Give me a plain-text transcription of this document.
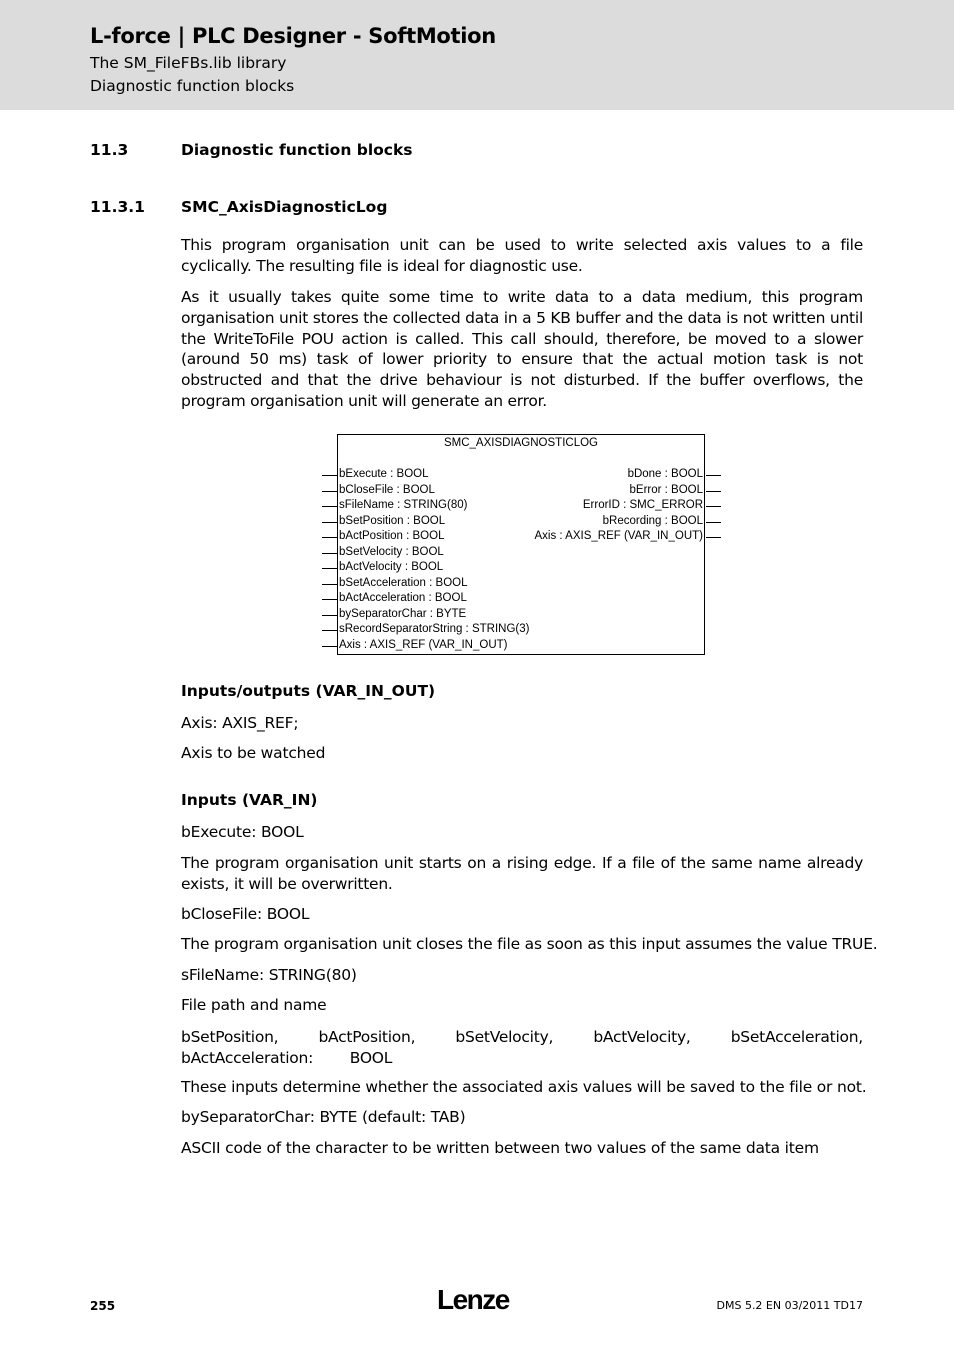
L-force | PLC Designer - SoftMotion
The SM_FileFBs.lib library
Diagnostic function blocks
11.3	Diagnostic function blocks
11.3.1 SMC_AxisDiagnosticLog
This program organisation unit can be used to write selected axis values to a file cyclically. The resulting file is ideal for diagnostic use.
As it usually takes quite some time to write data to a data medium, this program organisation unit stores the collected data in a 5 KB buffer and the data is not written until the WriteToFile POU action is called. This call should, therefore, be moved to a slower (around 50 ms) task of lower priority to ensure that the actual motion task is not obstructed and that the drive behaviour is not disturbed. If the buffer overflows, the program organisation unit will generate an error.
SMC_AXISDIAGNOSTICLOG
bExecute : BOOL
bCloseFile : BOOL
sFileName : STRING(80)
bSetPosition : BOOL
bActPosition : BOOL
bSetVelocity : BOOL
bActVelocity : BOOL
bSetAcceleration : BOOL
bActAcceleration : BOOL
bySeparatorChar : BYTE
sRecordSeparatorString : STRING(3)
Axis : AXIS_REF (VAR_IN_OUT)
bDone : BOOL
bError : BOOL
ErrorID : SMC_ERROR
bRecording : BOOL
Axis : AXIS_REF (VAR_IN_OUT)
Inputs/outputs (VAR_IN_OUT)
Axis: AXIS_REF;
Axis to be watched
Inputs (VAR_IN)
bExecute: BOOL
The program organisation unit starts on a rising edge. If a file of the same name already exists, it will be overwritten.
bCloseFile: BOOL
The program organisation unit closes the file as soon as this input assumes the value TRUE.
sFileName: STRING(80)
File path and name
bSetPosition, bActPosition, bSetVelocity, bActVelocity, bSetAcceleration, bActAcceleration: BOOL
These inputs determine whether the associated axis values will be saved to the file or not.
bySeparatorChar: BYTE (default: TAB)
ASCII code of the character to be written between two values of the same data item
255	Lenze	DMS 5.2 EN 03/2011 TD17
